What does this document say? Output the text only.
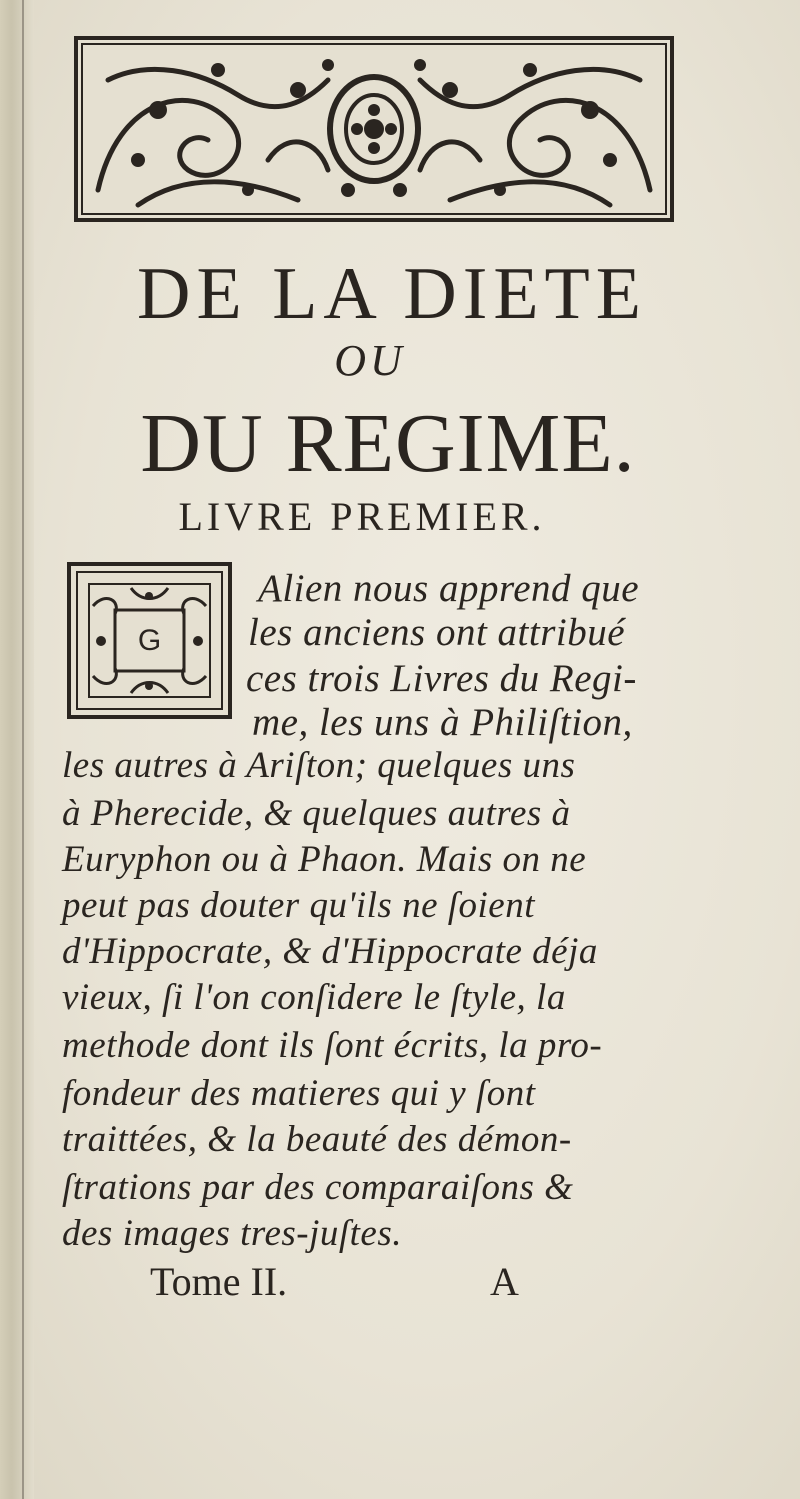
DE LA DIETE
OU
DU REGIME.
LIVRE PREMIER.
G
Alien nous apprend que
les anciens ont attribué
ces trois Livres du Regi-
me, les uns à Philiſtion,
les autres à Ariſton; quelques uns
à Pherecide, & quelques autres à
Euryphon ou à Phaon. Mais on ne
peut pas douter qu'ils ne ſoient
d'Hippocrate, & d'Hippocrate déja
vieux, ſi l'on conſidere le ſtyle, la
methode dont ils ſont écrits, la pro-
fondeur des matieres qui y ſont
traittées, & la beauté des démon-
ſtrations par des comparaiſons &
des images tres-juſtes.
Tome II.	A
